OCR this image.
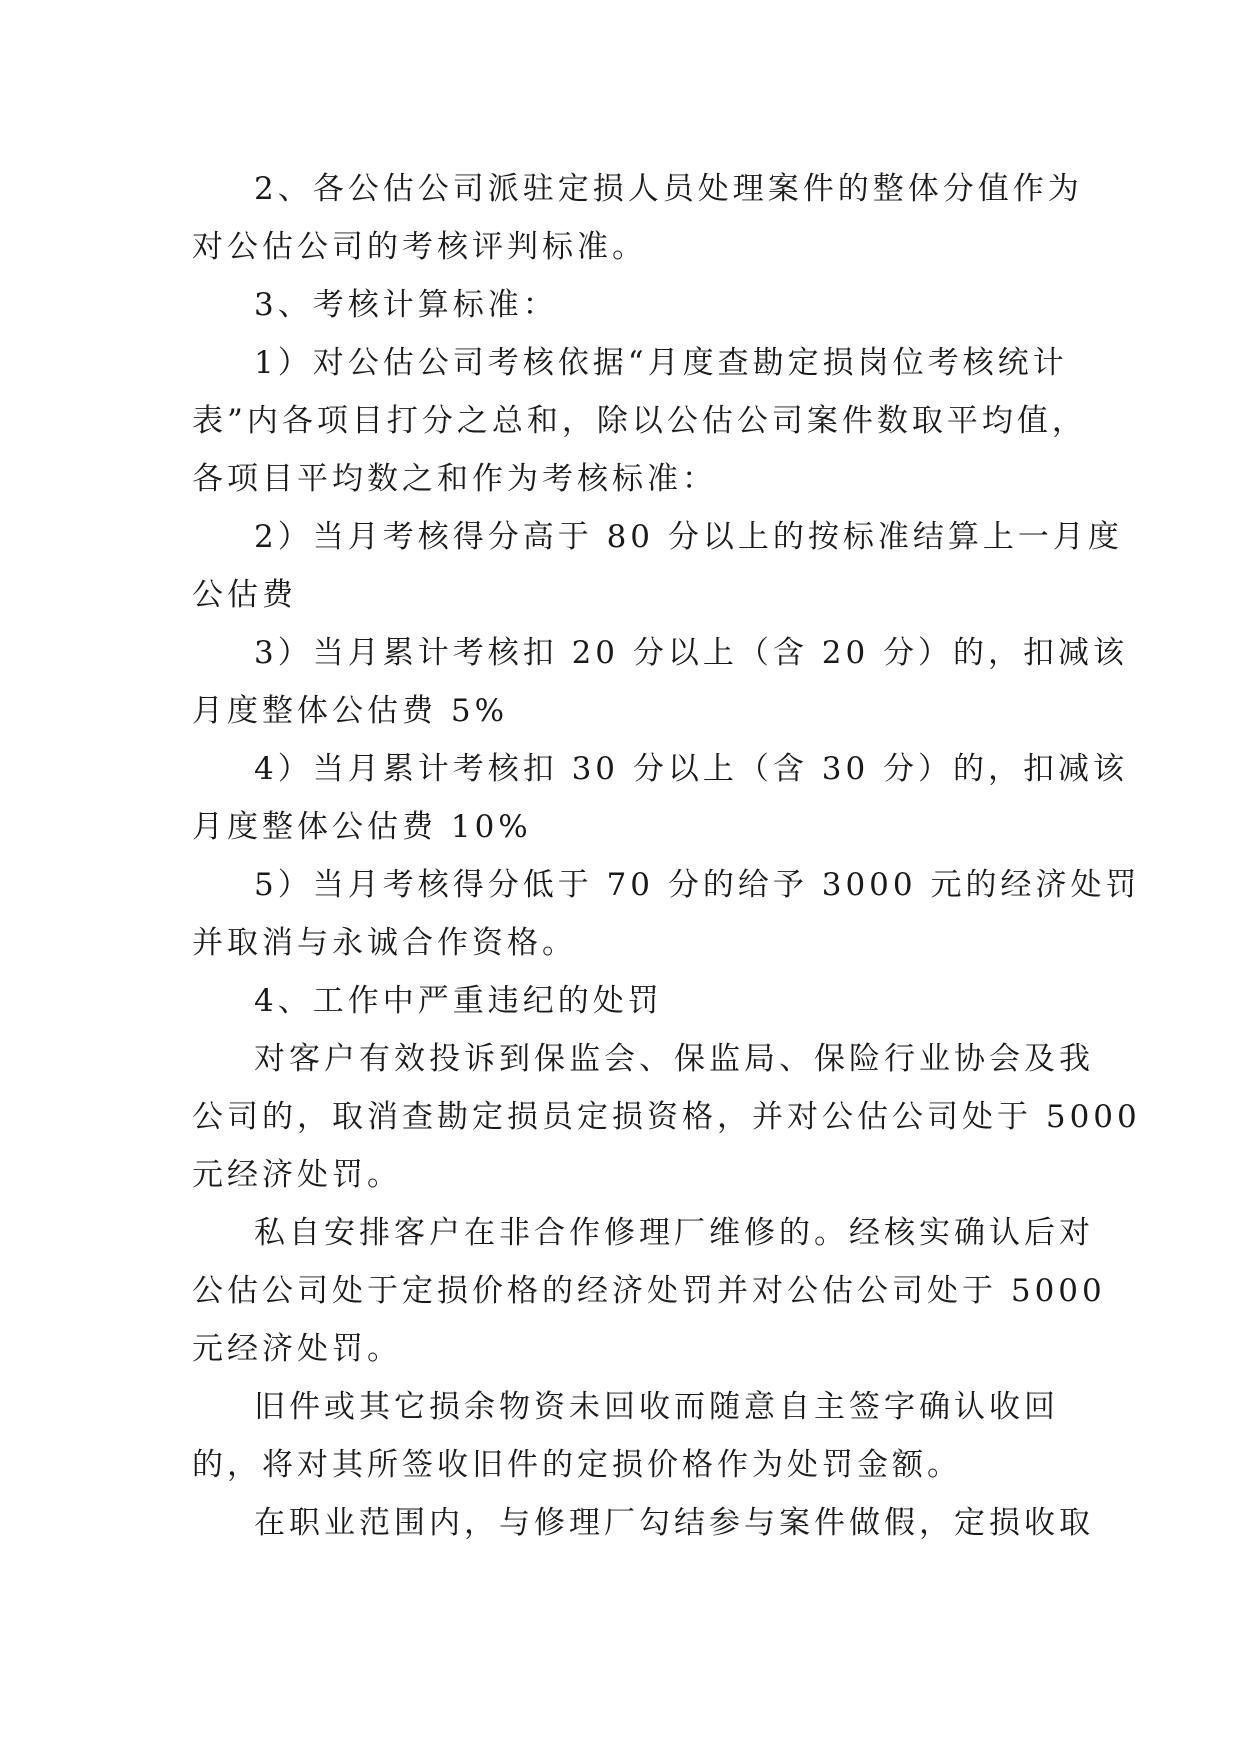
2、各公估公司派驻定损人员处理案件的整体分值作为
对公估公司的考核评判标准。

3、考核计算标准：

1）对公估公司考核依据“月度查勘定损岗位考核统计
表”内各项目打分之总和，除以公估公司案件数取平均值，
各项目平均数之和作为考核标准：

2）当月考核得分高于 80 分以上的按标准结算上一月度
公估费

3）当月累计考核扣 20 分以上（含 20 分）的，扣减该
月度整体公估费 5%

4）当月累计考核扣 30 分以上（含 30 分）的，扣减该
月度整体公估费 10%

5）当月考核得分低于 70 分的给予 3000 元的经济处罚
并取消与永诚合作资格。

4、工作中严重违纪的处罚

对客户有效投诉到保监会、保监局、保险行业协会及我
公司的，取消查勘定损员定损资格，并对公估公司处于 5000
元经济处罚。

私自安排客户在非合作修理厂维修的。经核实确认后对
公估公司处于定损价格的经济处罚并对公估公司处于 5000
元经济处罚。

旧件或其它损余物资未回收而随意自主签字确认收回
的，将对其所签收旧件的定损价格作为处罚金额。

在职业范围内，与修理厂勾结参与案件做假，定损收取
